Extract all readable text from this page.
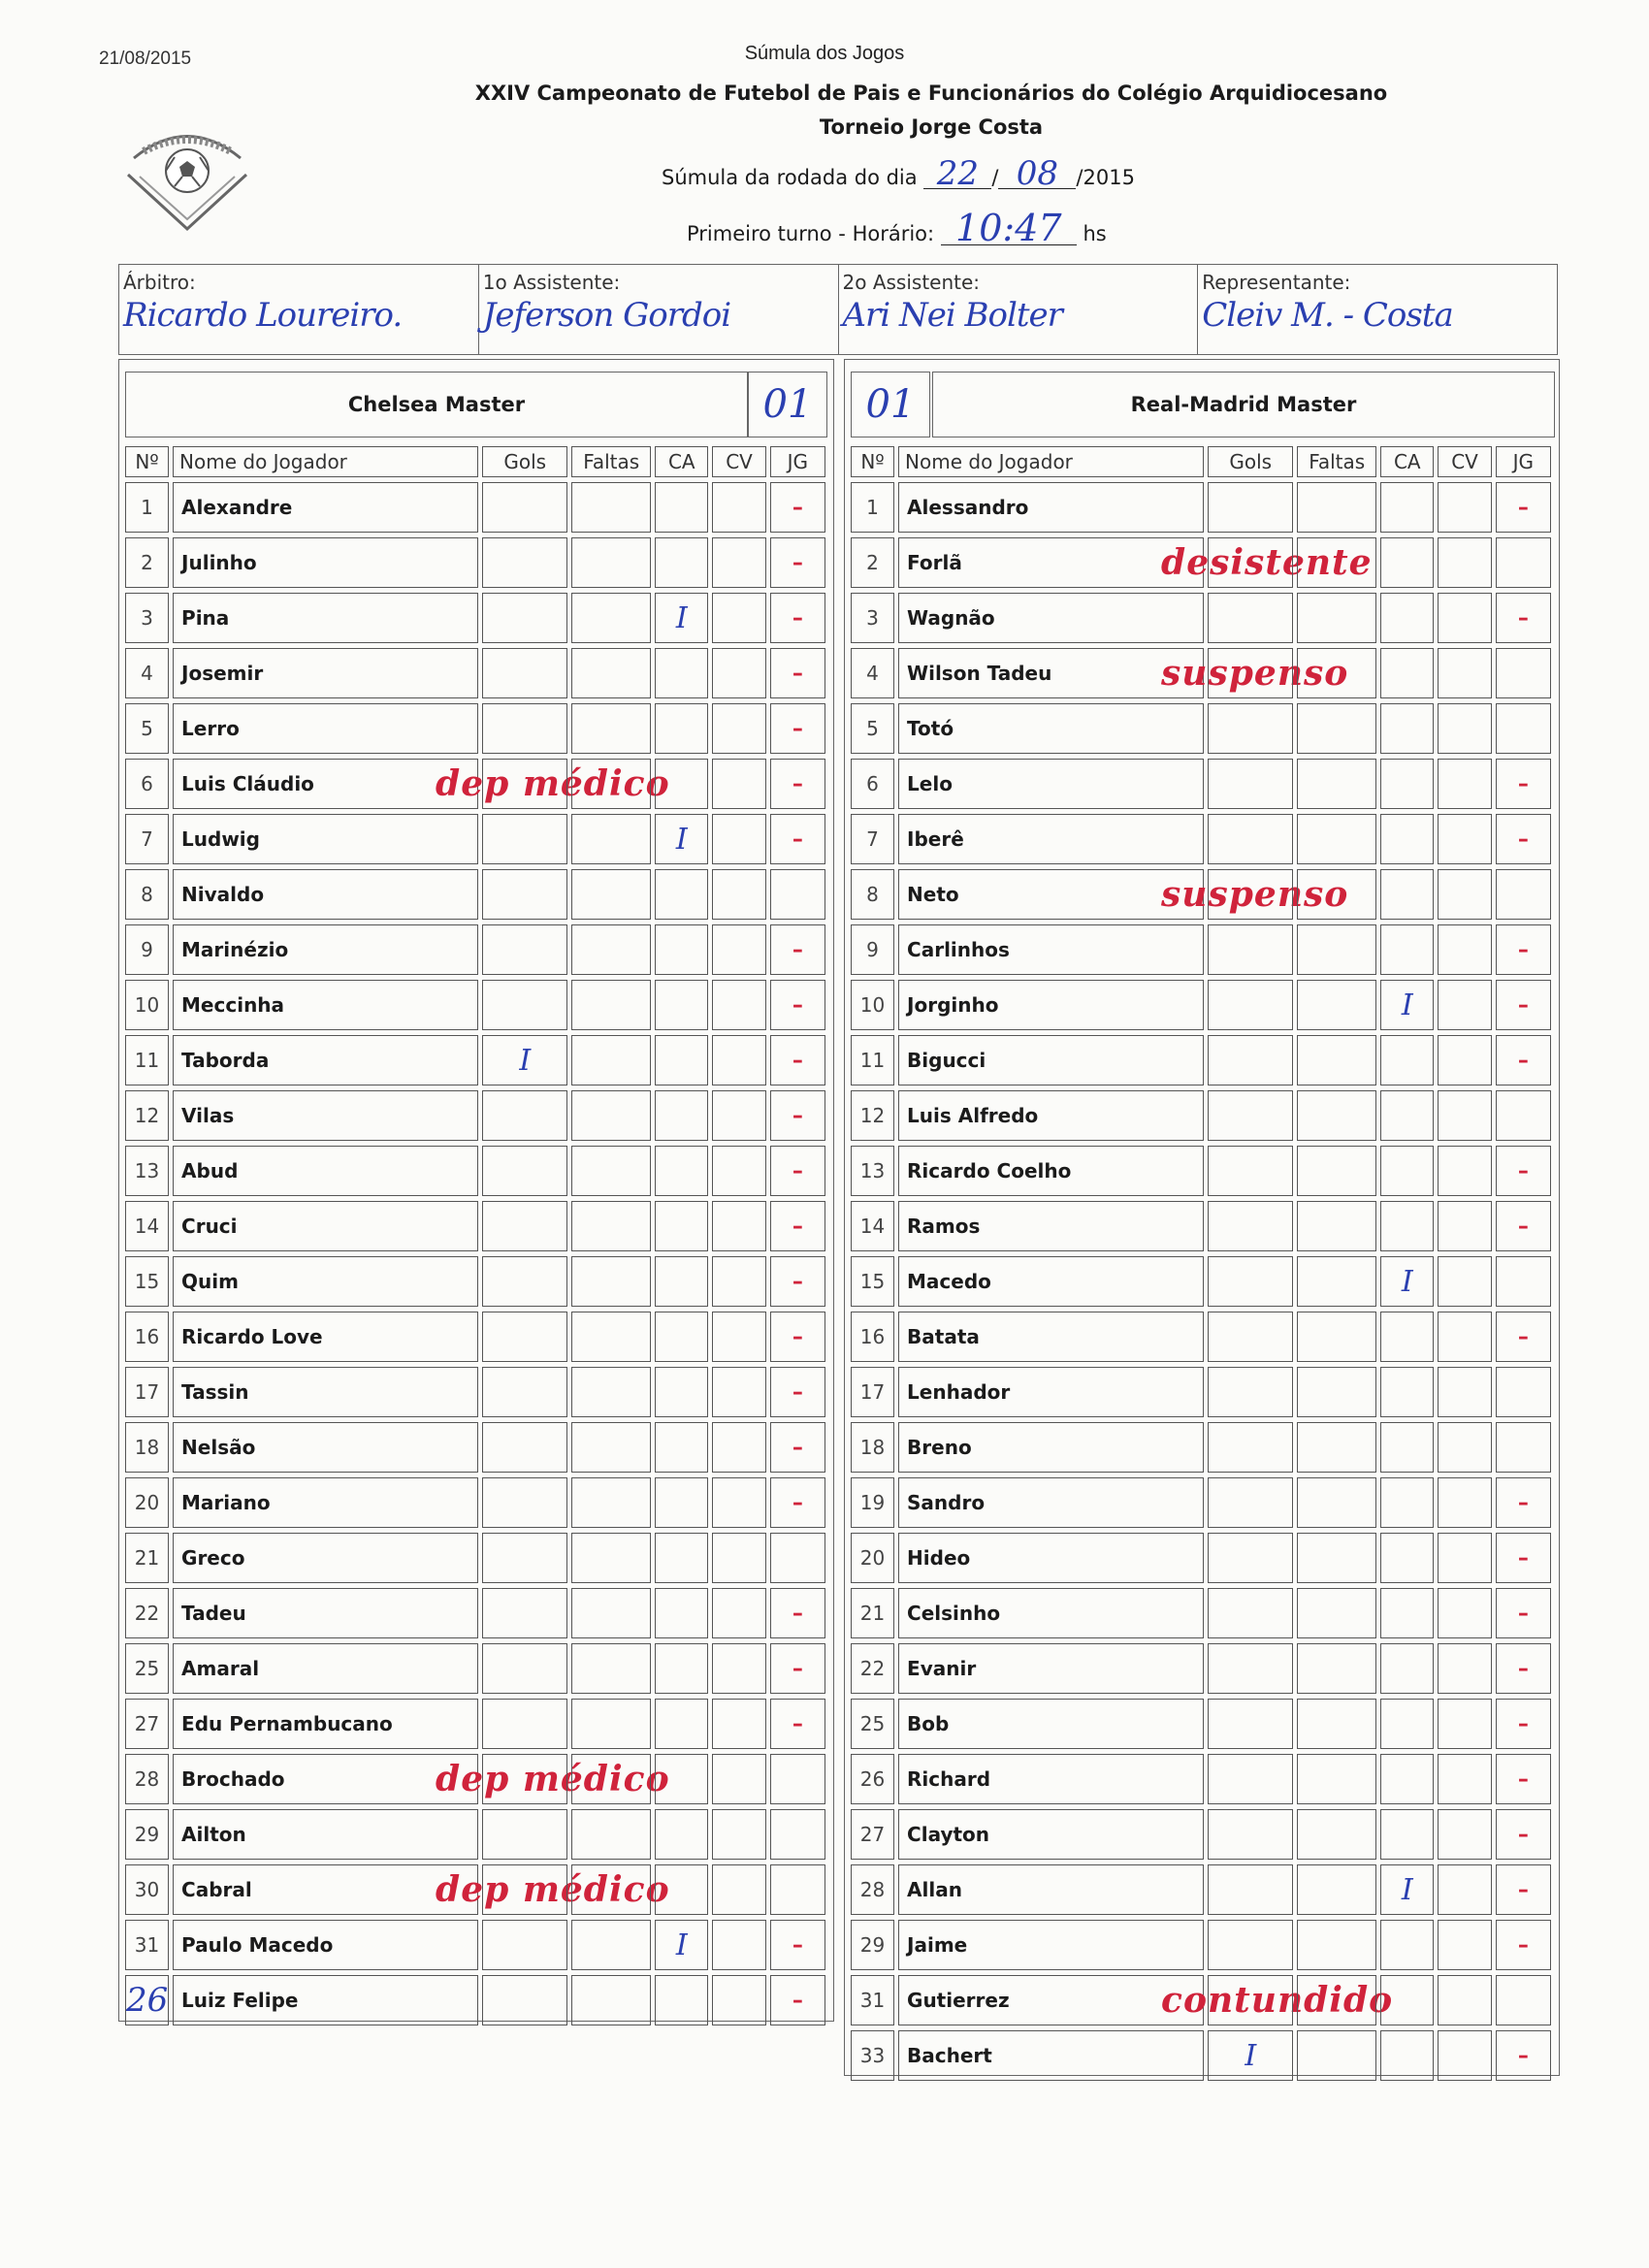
21/08/2015	Súmula dos Jogos
XXIV Campeonato de Futebol de Pais e Funcionários do Colégio Arquidiocesano
Torneio Jorge Costa
Súmula da rodada do dia 22 / 08 /2015
Primeiro turno - Horário: 10:47 hs
Árbitro:
Ricardo Loureiro.
1o Assistente:
Jeferson Gordoi
2o Assistente:
Ari Nei Bolter
Representante:
Cleiv M. - Costa
Chelsea Master	01
Nº	Nome do Jogador	Gols	Faltas	CA	CV	JG
1	Alexandre					–
2	Julinho					–
3	Pina			I		–
4	Josemir					–
5	Lerro					–
6	Luis Cláudio dep médico					–
7	Ludwig			I		–
8	Nivaldo					
9	Marinézio					–
10	Meccinha					–
11	Taborda	I				–
12	Vilas					–
13	Abud					–
14	Cruci					–
15	Quim					–
16	Ricardo Love					–
17	Tassin					–
18	Nelsão					–
20	Mariano					–
21	Greco					
22	Tadeu					–
25	Amaral					–
27	Edu Pernambucano					–
28	Brochado dep médico					

29	Ailton					
30	Cabral dep médico					

31	Paulo Macedo			I		–
26	Luiz Felipe					–
01	Real-Madrid Master
Nº	Nome do Jogador	Gols	Faltas	CA	CV	JG
1	Alessandro					–
2	Forlã desistente					

3	Wagnão					–
4	Wilson Tadeu suspenso					

5	Totó					
6	Lelo					–
7	Iberê					–
8	Neto suspenso					

9	Carlinhos					–
10	Jorginho			I		–
11	Bigucci					–
12	Luis Alfredo					
13	Ricardo Coelho					–
14	Ramos					–
15	Macedo			I		
16	Batata					–
17	Lenhador					
18	Breno					
19	Sandro					–
20	Hideo					–
21	Celsinho					–
22	Evanir					–
25	Bob					–
26	Richard					–
27	Clayton					–
28	Allan			I		–
29	Jaime					–
31	Gutierrez contundido					

33	Bachert	I				–
